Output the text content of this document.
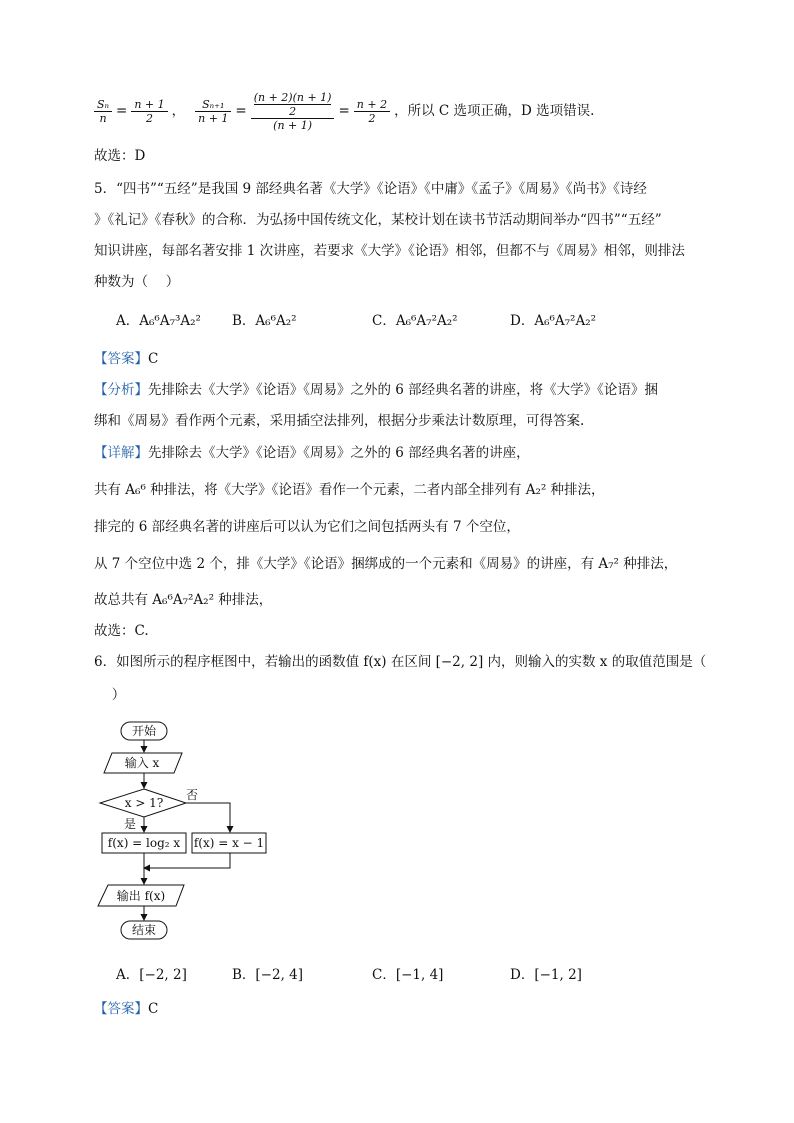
$\frac{\text{Sₙ}}{n} = \frac{n + 1}{2}$ ， $\frac{\text{Sₙ₊₁}}{n + 1} = (n + 2)(n + 1)$
2
$(n + 1) = \frac{n + 2}{2}$ ，所以 C 选项正确，D 选项错误.
故选：D
5．“四书”“五经”是我国 9 部经典名著《大学》《论语》《中庸》《孟子》《周易》《尚书》《诗经
》《礼记》《春秋》的合称．为弘扬中国传统文化，某校计划在读书节活动期间举办“四书”“五经”
知识讲座，每部名著安排 1 次讲座，若要求《大学》《论语》相邻，但都不与《周易》相邻，则排法
种数为（　 ）
A．A₆⁶A₇³A₂² B．A₆⁶A₂²	C．A₆⁶A₇²A₂²	D．A₆⁶A₇²A₂²
【答案】C
【分析】先排除去《大学》《论语》《周易》之外的 6 部经典名著的讲座，将《大学》《论语》捆
绑和《周易》看作两个元素，采用插空法排列，根据分步乘法计数原理，可得答案.
【详解】先排除去《大学》《论语》《周易》之外的 6 部经典名著的讲座，
共有 A₆⁶ 种排法，将《大学》《论语》看作一个元素，二者内部全排列有 A₂² 种排法，
排完的 6 部经典名著的讲座后可以认为它们之间包括两头有 7 个空位，
从 7 个空位中选 2 个，排《大学》《论语》捆绑成的一个元素和《周易》的讲座，有 A₇² 种排法，
故总共有 A₆⁶A₇²A₂² 种排法，
故选：C.
6．如图所示的程序框图中，若输出的函数值 f(x) 在区间 [−2, 2] 内，则输入的实数 x 的取值范围是（
　 ）
开始
输入 x
x > 1?
否
是
f(x) = log₂ x f(x) = x − 1
输出 f(x)
结束
A．[−2, 2]	B．[−2, 4]	C．[−1, 4]	D．[−1, 2]
【答案】C
